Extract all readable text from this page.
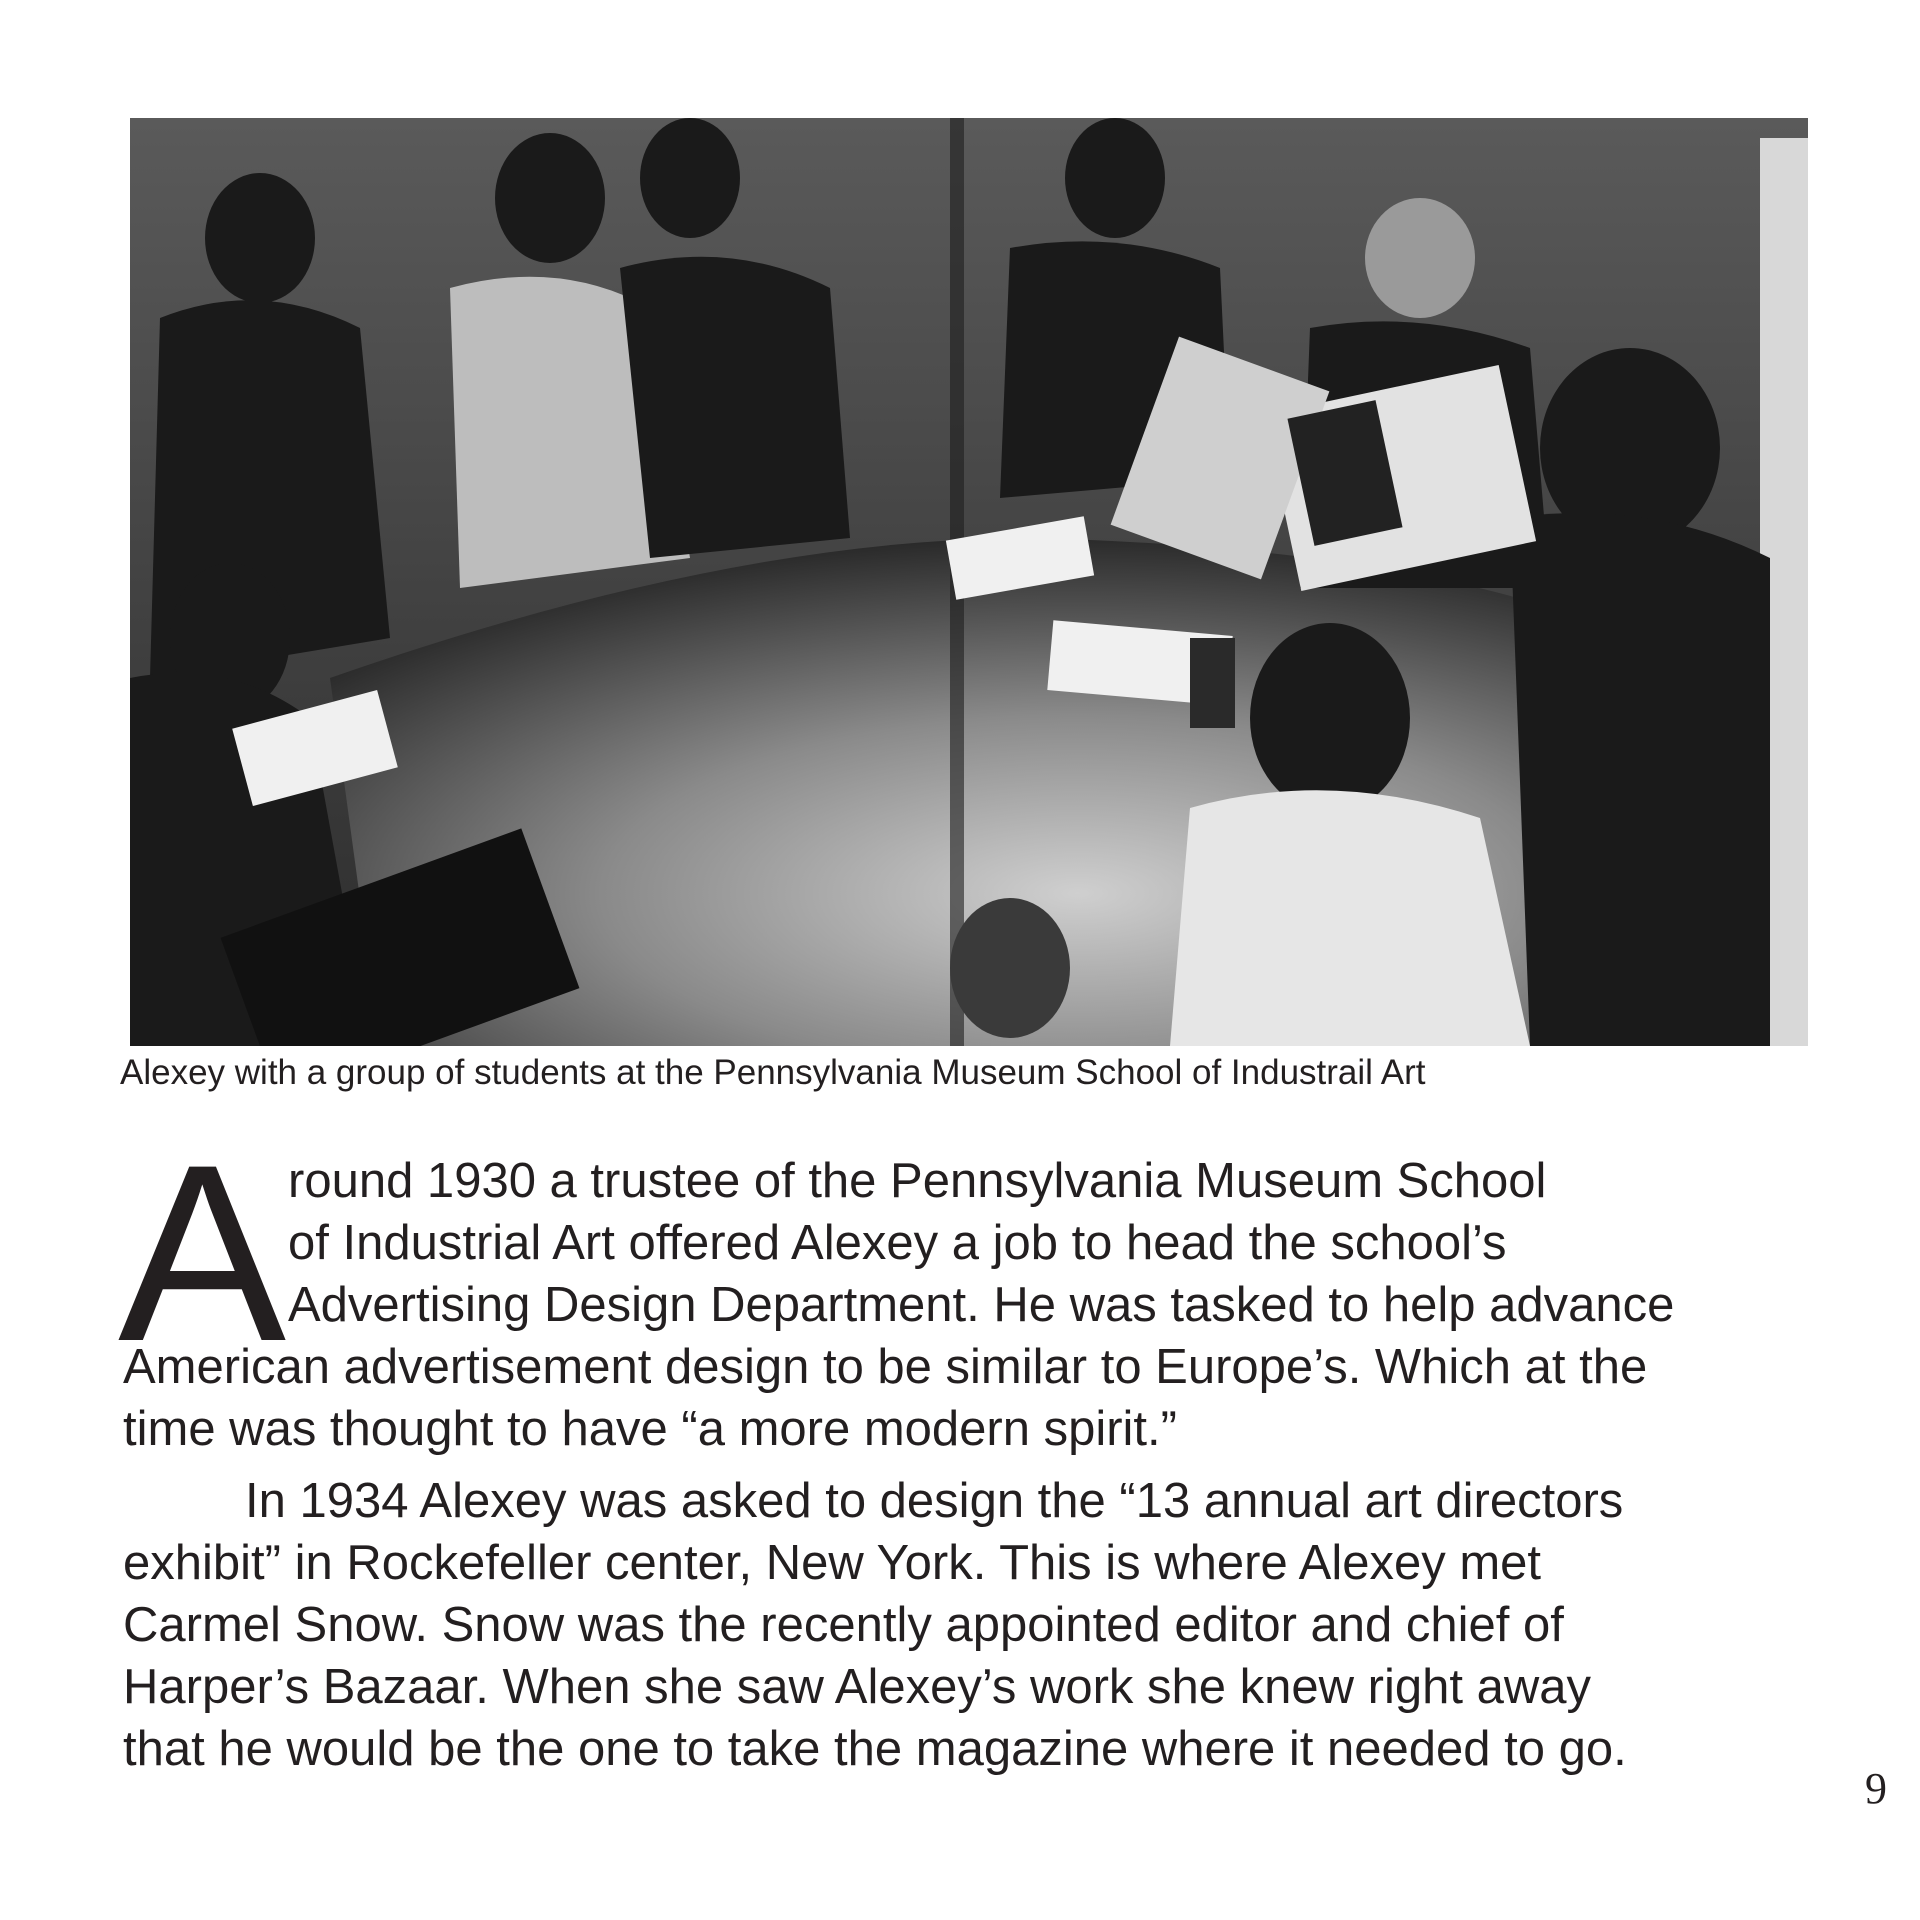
Alexey with a group of students at the Pennsylvania Museum School of Industrail Art
A round 1930 a trustee of the Pennsylvania Museum School
of Industrial Art offered Alexey a job to head the school’s
Advertising Design Department. He was tasked to help advance
American advertisement design to be similar to Europe’s. Which at the
time was thought to have “a more modern spirit.”
In 1934 Alexey was asked to design the “13 annual art directors
exhibit” in Rockefeller center, New York. This is where Alexey met
Carmel Snow. Snow was the recently appointed editor and chief of
Harper’s Bazaar. When she saw Alexey’s work she knew right away
that he would be the one to take the magazine where it needed to go.
9
